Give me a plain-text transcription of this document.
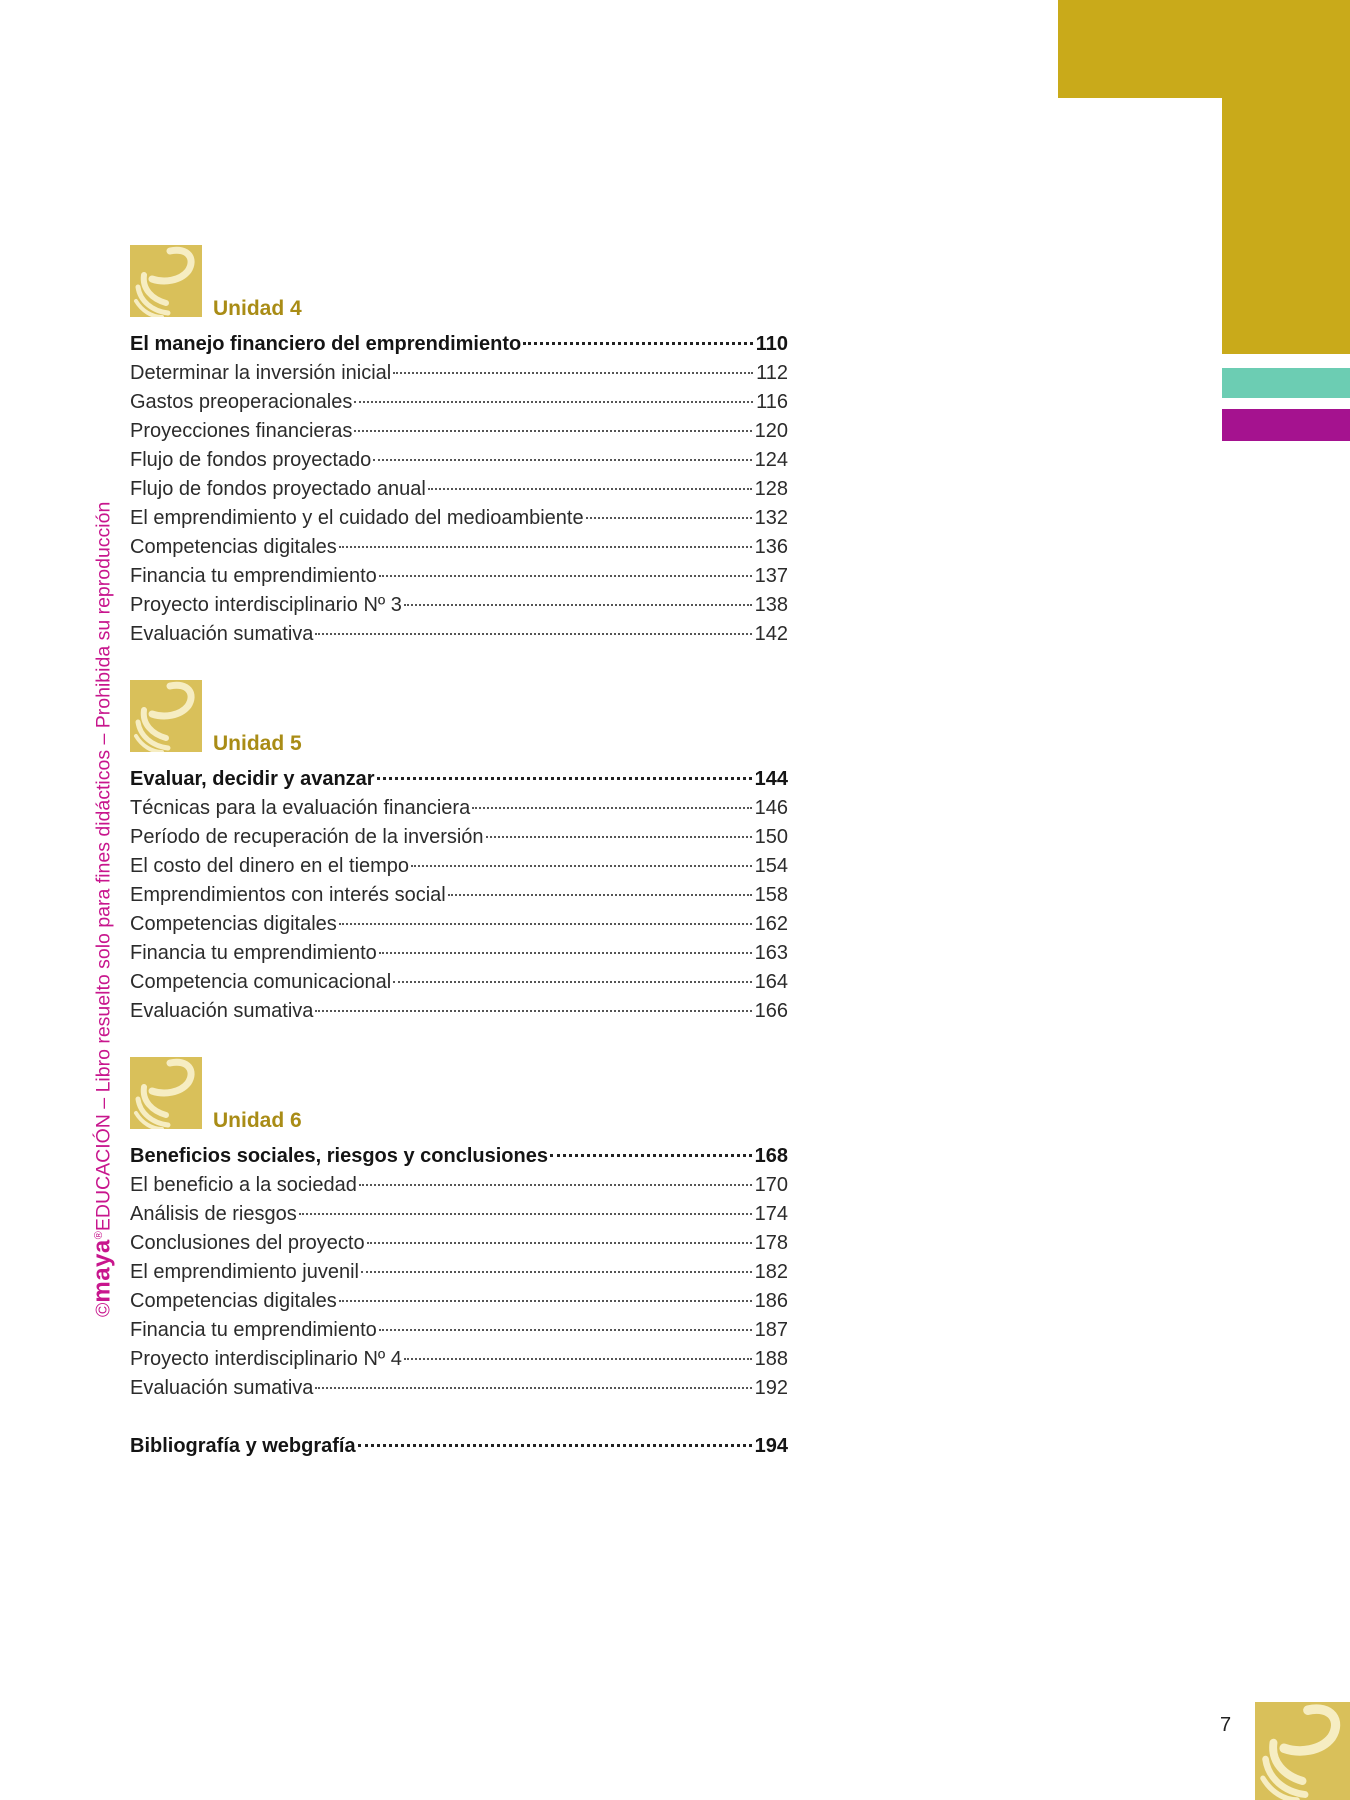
©maya®EDUCACIÓN – Libro resuelto solo para fines didácticos – Prohibida su reproducción
Unidad 4
El manejo financiero del emprendimiento	110
Determinar la inversión inicial	112
Gastos preoperacionales	116
Proyecciones financieras	120
Flujo de fondos proyectado	124
Flujo de fondos proyectado anual	128
El emprendimiento y el cuidado del medioambiente	132
Competencias digitales	136
Financia tu emprendimiento	137
Proyecto interdisciplinario Nº 3	138
Evaluación sumativa	142
Unidad 5
Evaluar, decidir y avanzar	144
Técnicas para la evaluación financiera	146
Período de recuperación de la inversión	150
El costo del dinero en el tiempo	154
Emprendimientos con interés social	158
Competencias digitales	162
Financia tu emprendimiento	163
Competencia comunicacional	164
Evaluación sumativa	166
Unidad 6
Beneficios sociales, riesgos y conclusiones	168
El beneficio a la sociedad	170
Análisis de riesgos	174
Conclusiones del proyecto	178
El emprendimiento juvenil	182
Competencias digitales	186
Financia tu emprendimiento	187
Proyecto interdisciplinario Nº 4	188
Evaluación sumativa	192
Bibliografía y webgrafía	194
7
